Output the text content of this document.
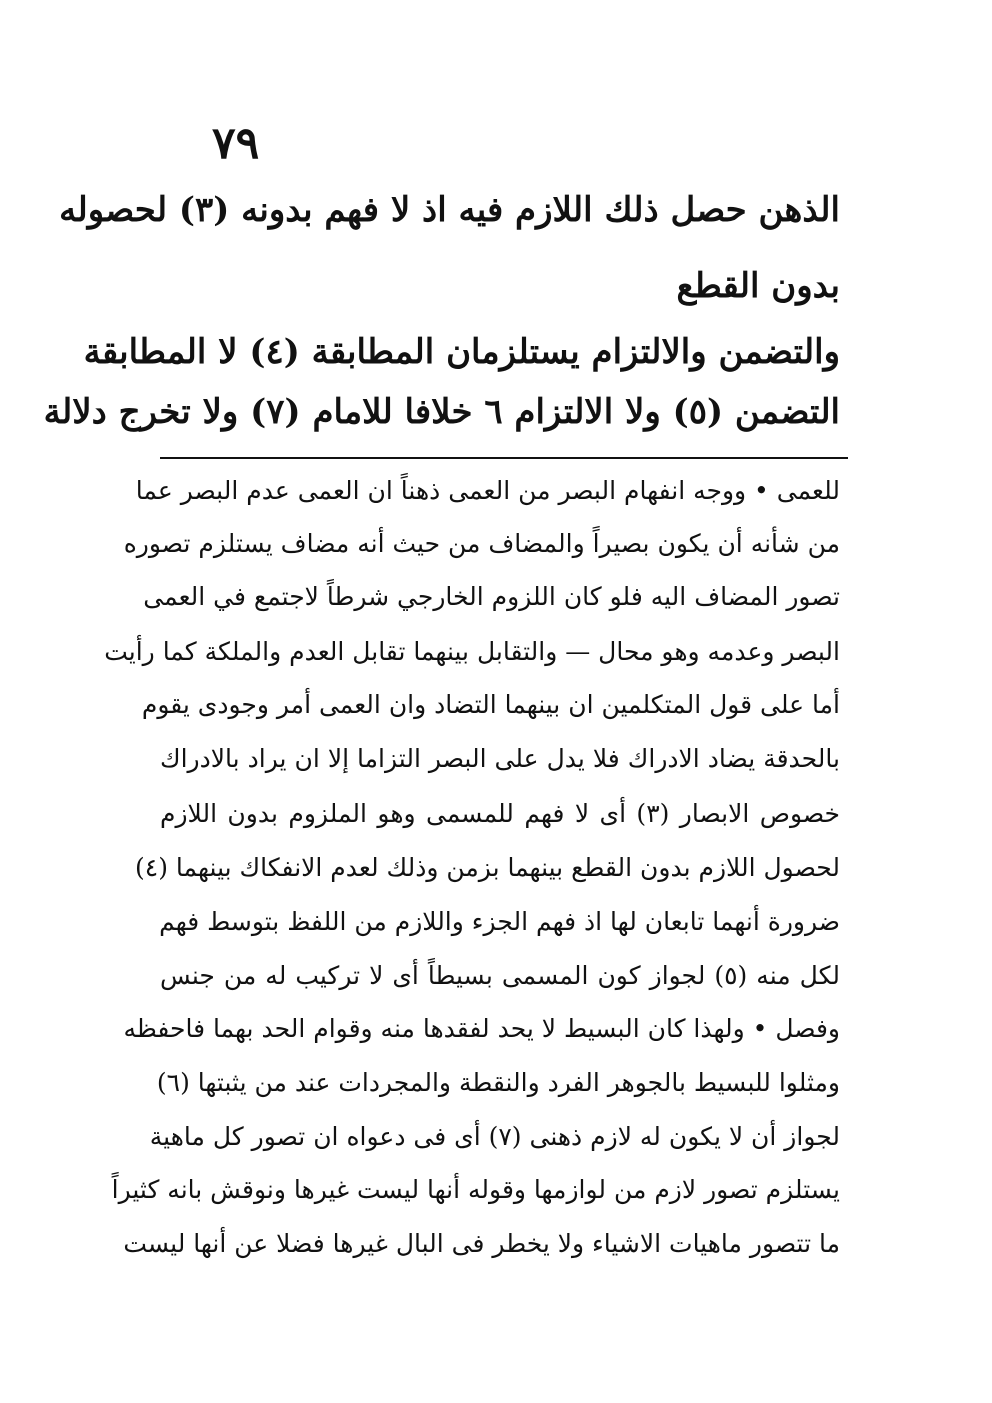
٧٩
الذهن حصل ذلك اللازم فيه اذ لا فهم بدونه (٣) لحصوله
بدون القطع
والتضمن والالتزام يستلزمان المطابقة (٤) لا المطابقة
التضمن (٥) ولا الالتزام ٦ خلافا للامام (٧) ولا تخرج دلالة
للعمى • ووجه انفهام البصر من العمى ذهناً ان العمى عدم البصر عما
من شأنه أن يكون بصيراً والمضاف من حيث أنه مضاف يستلزم تصوره
تصور المضاف اليه فلو كان اللزوم الخارجي شرطاً لاجتمع في العمى
البصر وعدمه وهو محال — والتقابل بينهما تقابل العدم والملكة كما رأيت
أما على قول المتكلمين ان بينهما التضاد وان العمى أمر وجودى يقوم
بالحدقة يضاد الادراك فلا يدل على البصر التزاما إلا ان يراد بالادراك
خصوص الابصار (٣) أى لا فهم للمسمى وهو الملزوم بدون اللازم
لحصول اللازم بدون القطع بينهما بزمن وذلك لعدم الانفكاك بينهما (٤)
ضرورة أنهما تابعان لها اذ فهم الجزء واللازم من اللفظ بتوسط فهم
لكل منه (٥) لجواز كون المسمى بسيطاً أى لا تركيب له من جنس
وفصل • ولهذا كان البسيط لا يحد لفقدها منه وقوام الحد بهما فاحفظه
ومثلوا للبسيط بالجوهر الفرد والنقطة والمجردات عند من يثبتها (٦)
لجواز أن لا يكون له لازم ذهنى (٧) أى فى دعواه ان تصور كل ماهية
يستلزم تصور لازم من لوازمها وقوله أنها ليست غيرها ونوقش بانه كثيراً
ما تتصور ماهيات الاشياء ولا يخطر فى البال غيرها فضلا عن أنها ليست
